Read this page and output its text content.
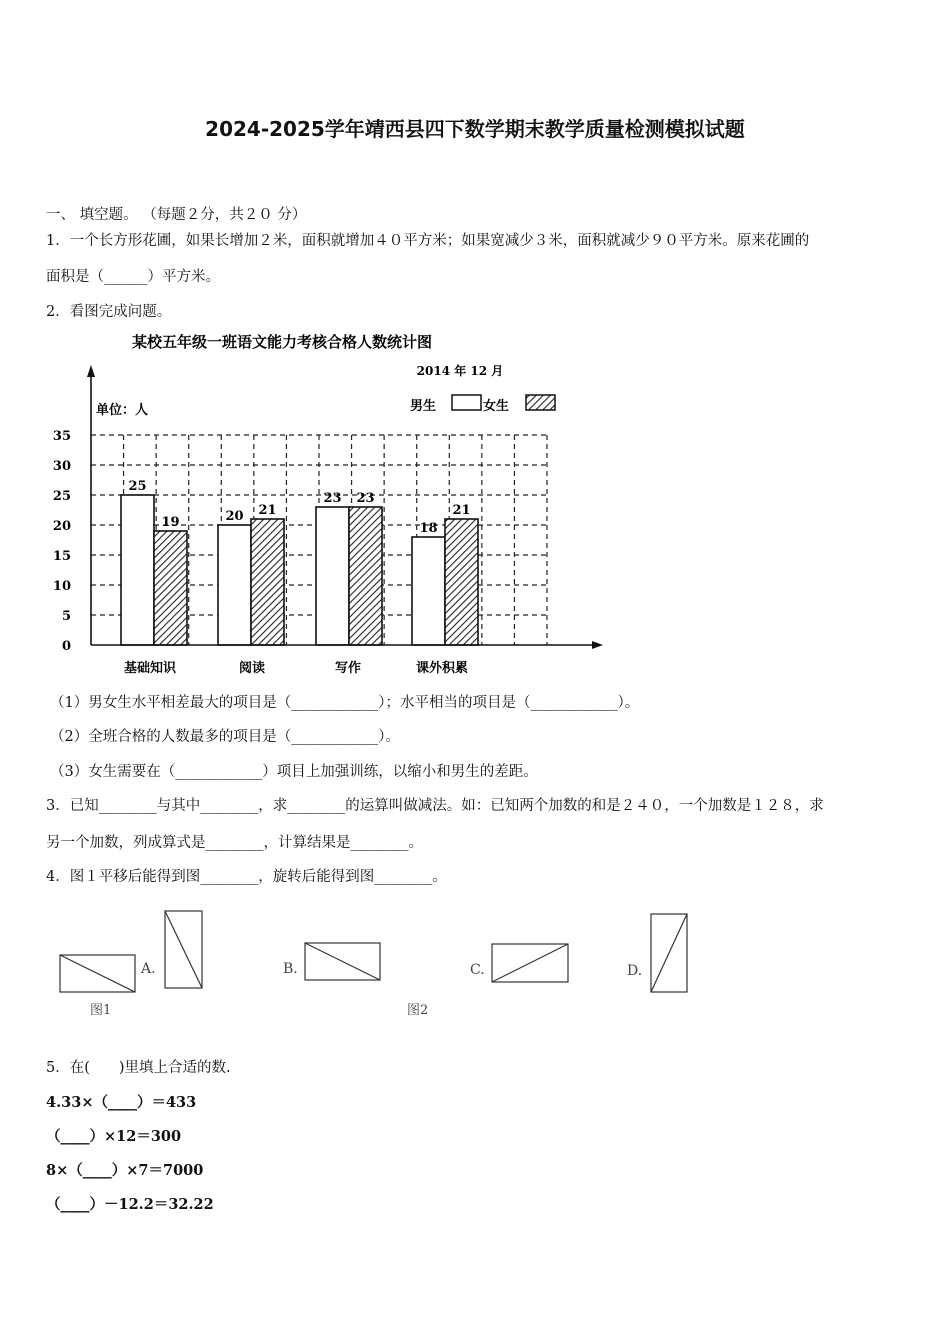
2024-2025学年靖西县四下数学期末教学质量检测模拟试题
一、 填空题。 （每题２分，共２０ 分）
1．一个长方形花圃，如果长增加２米，面积就增加４０平方米；如果宽减少３米，面积就减少９０平方米。原来花圃的
面积是（______）平方米。
2．看图完成问题。
某校五年级一班语文能力考核合格人数统计图
2014 年 12 月
单位：人	男生	女生
0
5
10
15
20
25
30
35
25
19	20 21
23 23
18
21
基础知识	阅读	写作	课外积累
（1）男女生水平相差最大的项目是（____________）；水平相当的项目是（____________）。
（2）全班合格的人数最多的项目是（____________）。
（3）女生需要在（____________）项目上加强训练，以缩小和男生的差距。
3．已知________与其中________，求________的运算叫做减法。如：已知两个加数的和是２４０，一个加数是１２８，求
另一个加数，列成算式是________，计算结果是________。
4．图１平移后能得到图________，旋转后能得到图________。
A.	B.	C.	D.
图1	图2
5．在(　　)里填上合适的数.
4.33×（____）＝433
（____）×12＝300
8×（____）×7＝7000
（____）－12.2＝32.22
